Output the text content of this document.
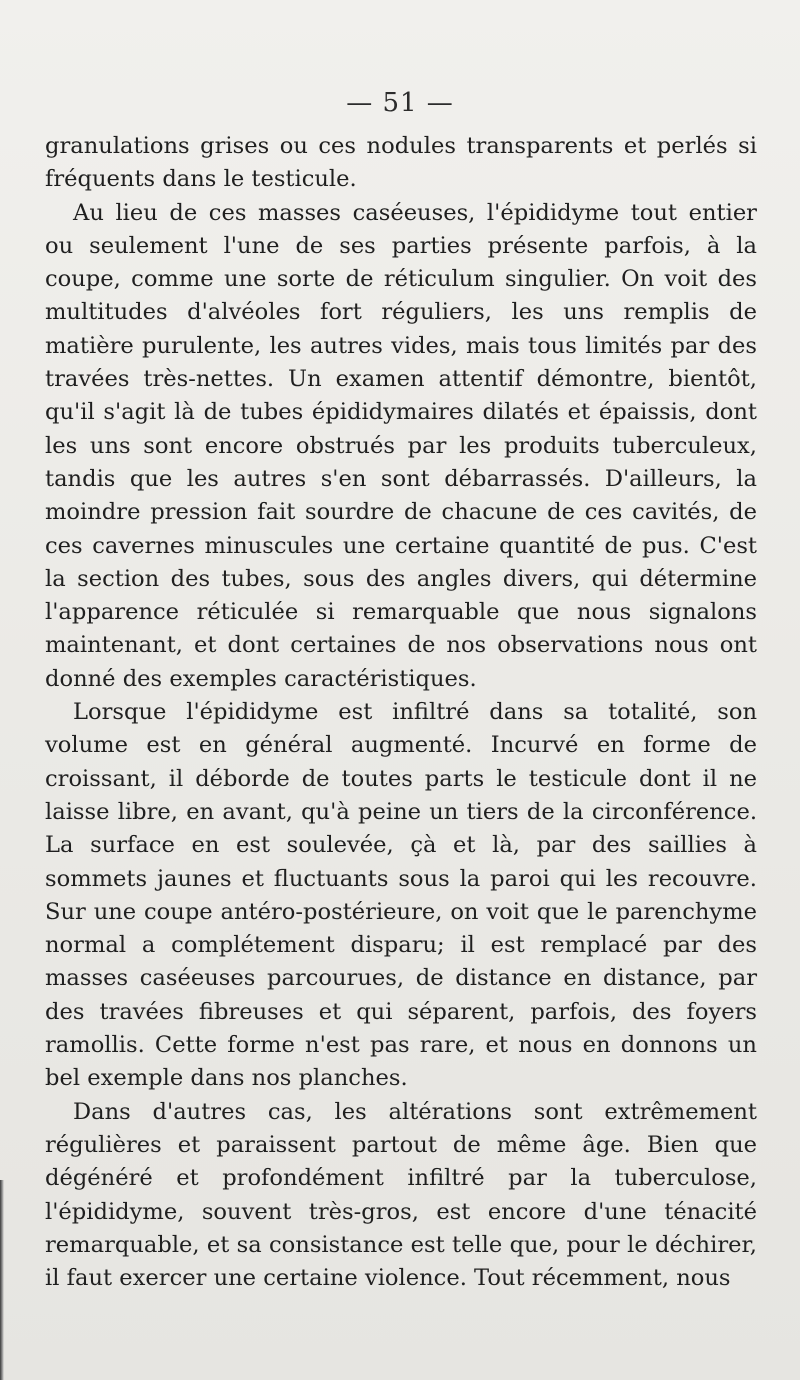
— 51 —

granulations grises ou ces nodules transparents et perlés si fréquents dans le testicule.

Au lieu de ces masses caséeuses, l'épididyme tout entier ou seulement l'une de ses parties présente parfois, à la coupe, comme une sorte de réticulum singulier. On voit des multitudes d'alvéoles fort réguliers, les uns remplis de matière purulente, les autres vides, mais tous limités par des travées très-nettes. Un examen attentif démontre, bientôt, qu'il s'agit là de tubes épididymaires dilatés et épaissis, dont les uns sont encore obstrués par les produits tuberculeux, tandis que les autres s'en sont débarrassés. D'ailleurs, la moindre pression fait sourdre de chacune de ces cavités, de ces cavernes minuscules une certaine quantité de pus. C'est la section des tubes, sous des angles divers, qui détermine l'apparence réticulée si remarquable que nous signalons maintenant, et dont certaines de nos observations nous ont donné des exemples caractéristiques.

Lorsque l'épididyme est infiltré dans sa totalité, son volume est en général augmenté. Incurvé en forme de croissant, il déborde de toutes parts le testicule dont il ne laisse libre, en avant, qu'à peine un tiers de la circonférence. La surface en est soulevée, çà et là, par des saillies à sommets jaunes et fluctuants sous la paroi qui les recouvre. Sur une coupe antéro-postérieure, on voit que le parenchyme normal a complétement disparu; il est remplacé par des masses caséeuses parcourues, de distance en distance, par des travées fibreuses et qui séparent, parfois, des foyers ramollis. Cette forme n'est pas rare, et nous en donnons un bel exemple dans nos planches.

Dans d'autres cas, les altérations sont extrêmement régulières et paraissent partout de même âge. Bien que dégénéré et profondément infiltré par la tuberculose, l'épididyme, souvent très-gros, est encore d'une ténacité remarquable, et sa consistance est telle que, pour le déchirer, il faut exercer une certaine violence. Tout récemment, nous
